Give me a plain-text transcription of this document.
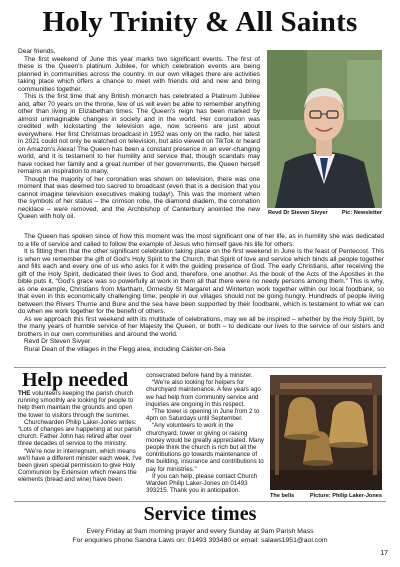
Holy Trinity & All Saints

Dear friends,

The first weekend of June this year marks two significant events. The first of these is the Queen's platinum Jubilee, for which celebration events are being planned in communities across the country. In our own villages there are activities taking place which offers a chance to meet with friends old and new and bring communities together.

This is the first time that any British monarch has celebrated a Platinum Jubilee and, after 70 years on the throne, few of us will even be able to remember anything other than living in Elizabethan times. The Queen's reign has been marked by almost unimaginable changes in society and in the world. Her coronation was credited with kickstarting the television age, now screens are just about everywhere. Her first Christmas broadcast in 1952 was only on the radio, her latest in 2021 could not only be watched on television, but also viewed on TikTok or heard on Amazon's Alexa! The Queen has been a constant presence in an ever-changing world, and it is testament to her humility and service that, though scandals may have rocked her family and a great number of her governments, the Queen herself remains an inspiration to many.

Though the majority of her coronation was shown on television, there was one moment that was deemed too sacred to broadcast (even that is a decision that you cannot imagine television executives making today!). This was the moment when the symbols of her status – the crimson robe, the diamond diadem, the coronation necklace – were removed, and the Archbishop of Canterbury anointed the new Queen with holy oil.	Revd Dr Steven Sivyer	Pic: Newsletter

The Queen has spoken since of how this moment was the most significant one of her life, as in humility she was dedicated to a life of service and called to follow the example of Jesus who himself gave his life for others.

It is fitting then that the other significant celebration taking place on the first weekend in June is the feast of Pentecost. This is when we remember the gift of God's Holy Spirit to the Church, that Spirit of love and service which binds all people together and fills each and every one of us who asks for it with the guiding presence of God. The early Christians, after receiving the gift of the Holy Spirit, dedicated their lives to God and, therefore, one another. As the book of the Acts of the Apostles in the bible puts it, “God's grace was so powerfully at work in them all that there were no needy persons among them.” This is why, as one example, Christians from Martham, Ormesby St Margaret and Winterton work together within our local foodbank, so that even in this economically challenging time, people in our villages should not be going hungry. Hundreds of people living between the Rivers Thurne and Bure and the sea have been supported by their foodbank, which is testament to what we can do when we work together for the benefit of others.

As we approach this first weekend with its multitude of celebrations, may we all be inspired – whether by the Holy Spirit, by the many years of humble service of her Majesty the Queen, or both – to dedicate our lives to the service of our sisters and brothers in our own communities and around the world.

Revd Dr Steven Sivyer

Rural Dean of the villages in the Flegg area, including Caister-on-Sea

Help needed

THE volunteers keeping the parish church running smoothly are looking for people to help them maintain the grounds and open the tower to visitors through the summer.

Churchwarden Philip Laker-Jones writes: “Lots of changes are happening at our parish church. Father John has retired after over three decades of service to the ministry.

“We're now in interregnum, which means we'll have a different minister each week. I've been given special permission to give Holy Communion by Extension which means the elements (bread and wine) have been

consecrated before hand by a minister.

“We're also looking for helpers for churchyard maintenance. A few years ago we had help from community service and inquiries are ongoing in this respect.

“The tower is opening in June from 2 to 4pm on Saturdays until September.

“Any volunteers to work in the churchyard, tower or giving or raising money would be greatly appreciated. Many people think the church is rich but all the contributions go towards maintenance of the building, insurance and contributions to pay for ministries.”

If you can help, please contact Church Warden Philip Laker-Jones on 01493 393215. Thank you in anticipation.

The bells	Picture: Philip Laker-Jones
Service times
Every Friday at 9am morning prayer and every Sunday at 9am Parish Mass
For enquiries phone Sandra Laws on: 01493 393480 or email: salaws1951@aol.com
17
